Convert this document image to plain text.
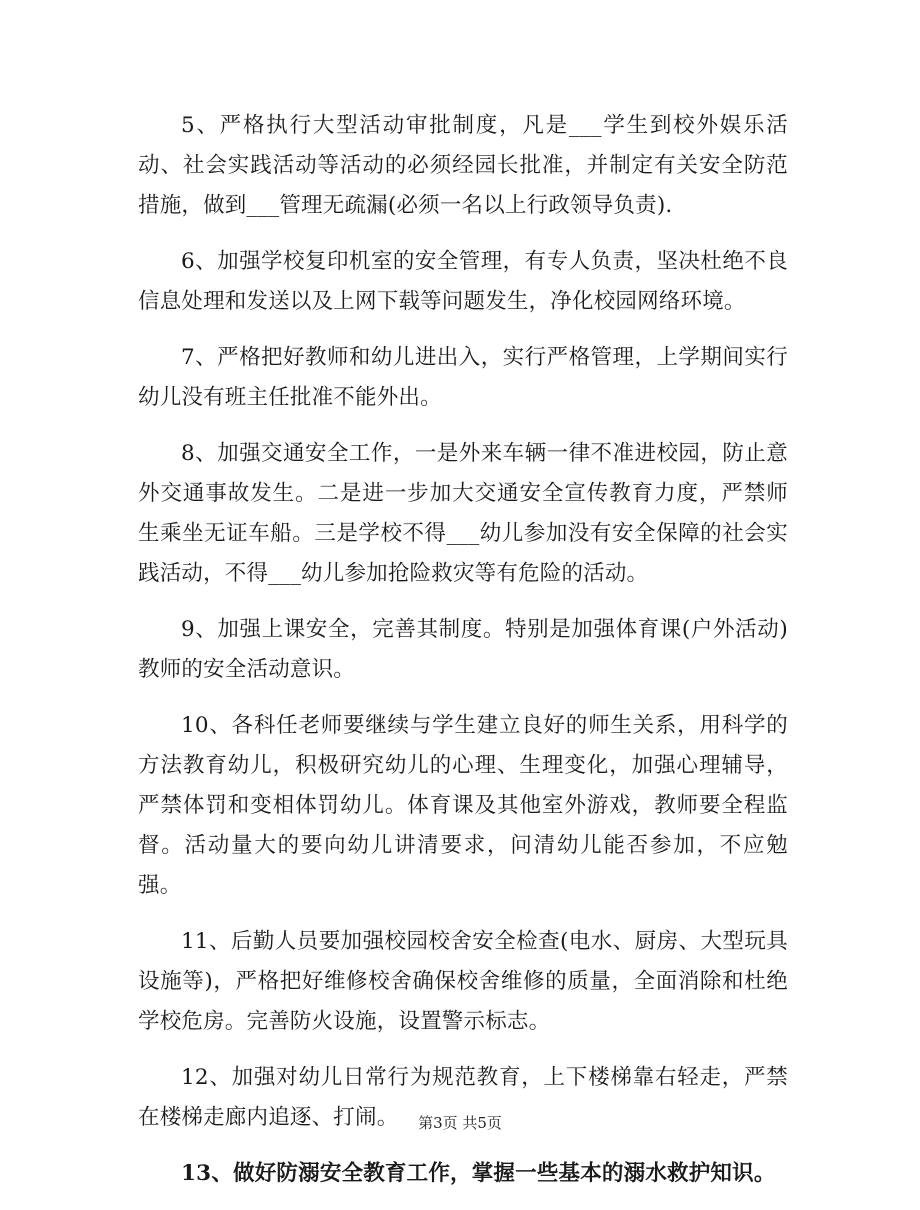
5、严格执行大型活动审批制度，凡是___学生到校外娱乐活动、社会实践活动等活动的必须经园长批准，并制定有关安全防范措施，做到___管理无疏漏(必须一名以上行政领导负责).

6、加强学校复印机室的安全管理，有专人负责，坚决杜绝不良信息处理和发送以及上网下载等问题发生，净化校园网络环境。

7、严格把好教师和幼儿进出入，实行严格管理，上学期间实行幼儿没有班主任批准不能外出。

8、加强交通安全工作，一是外来车辆一律不准进校园，防止意外交通事故发生。二是进一步加大交通安全宣传教育力度，严禁师生乘坐无证车船。三是学校不得___幼儿参加没有安全保障的社会实践活动，不得___幼儿参加抢险救灾等有危险的活动。

9、加强上课安全，完善其制度。特别是加强体育课(户外活动)教师的安全活动意识。

10、各科任老师要继续与学生建立良好的师生关系，用科学的方法教育幼儿，积极研究幼儿的心理、生理变化，加强心理辅导，严禁体罚和变相体罚幼儿。体育课及其他室外游戏，教师要全程监督。活动量大的要向幼儿讲清要求，问清幼儿能否参加，不应勉强。

11、后勤人员要加强校园校舍安全检查(电水、厨房、大型玩具设施等)，严格把好维修校舍确保校舍维修的质量，全面消除和杜绝学校危房。完善防火设施，设置警示标志。

12、加强对幼儿日常行为规范教育，上下楼梯靠右轻走，严禁在楼梯走廊内追逐、打闹。

13、做好防溺安全教育工作，掌握一些基本的溺水救护知识。

第3页 共5页
